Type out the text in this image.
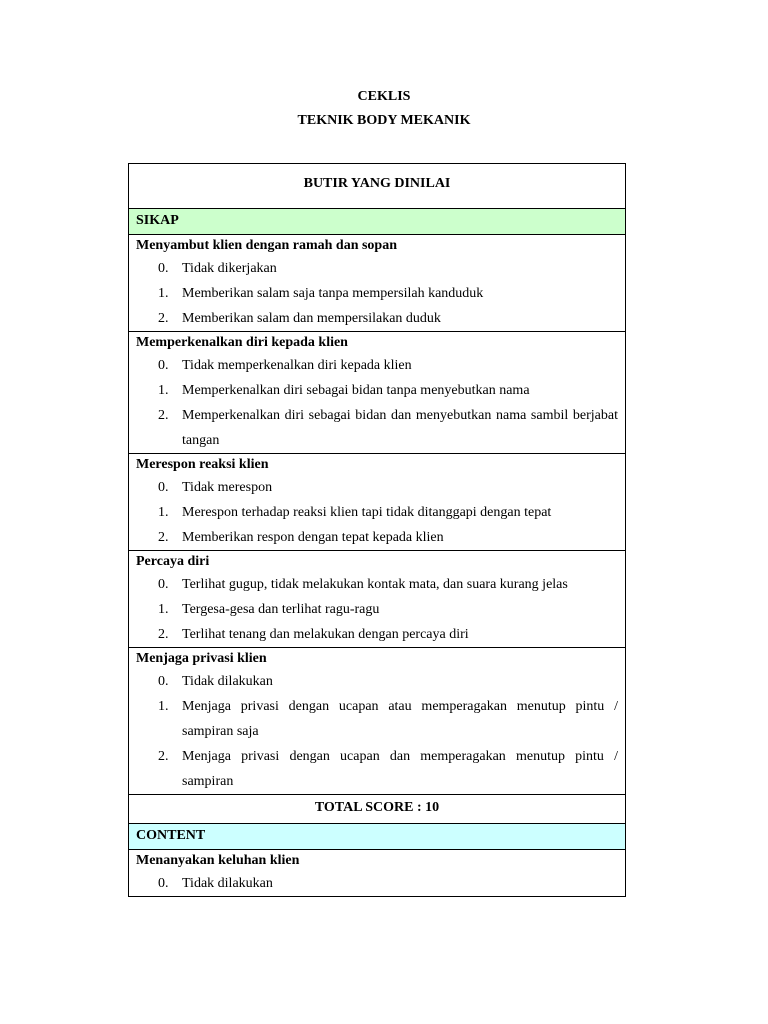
CEKLIS
TEKNIK BODY MEKANIK
BUTIR YANG DINILAI
SIKAP

Menyambut klien dengan ramah dan sopan
0. Tidak dikerjakan
1. Memberikan salam saja tanpa mempersilah kanduduk
2. Memberikan salam dan mempersilakan duduk

Memperkenalkan diri kepada klien
0. Tidak memperkenalkan diri kepada klien
1. Memperkenalkan diri sebagai bidan tanpa menyebutkan nama
2. Memperkenalkan diri sebagai bidan dan menyebutkan nama sambil berjabat tangan

Merespon reaksi klien
0. Tidak merespon
1. Merespon terhadap reaksi klien tapi tidak ditanggapi dengan tepat
2. Memberikan respon dengan tepat kepada klien

Percaya diri
0. Terlihat gugup, tidak melakukan kontak mata, dan suara kurang jelas
1. Tergesa-gesa dan terlihat ragu-ragu
2. Terlihat tenang dan melakukan dengan percaya diri

Menjaga privasi klien
0. Tidak dilakukan
1. Menjaga privasi dengan ucapan atau memperagakan menutup pintu / sampiran saja
2. Menjaga privasi dengan ucapan dan memperagakan menutup pintu / sampiran

TOTAL SCORE : 10
CONTENT

Menanyakan keluhan klien
0. Tidak dilakukan
